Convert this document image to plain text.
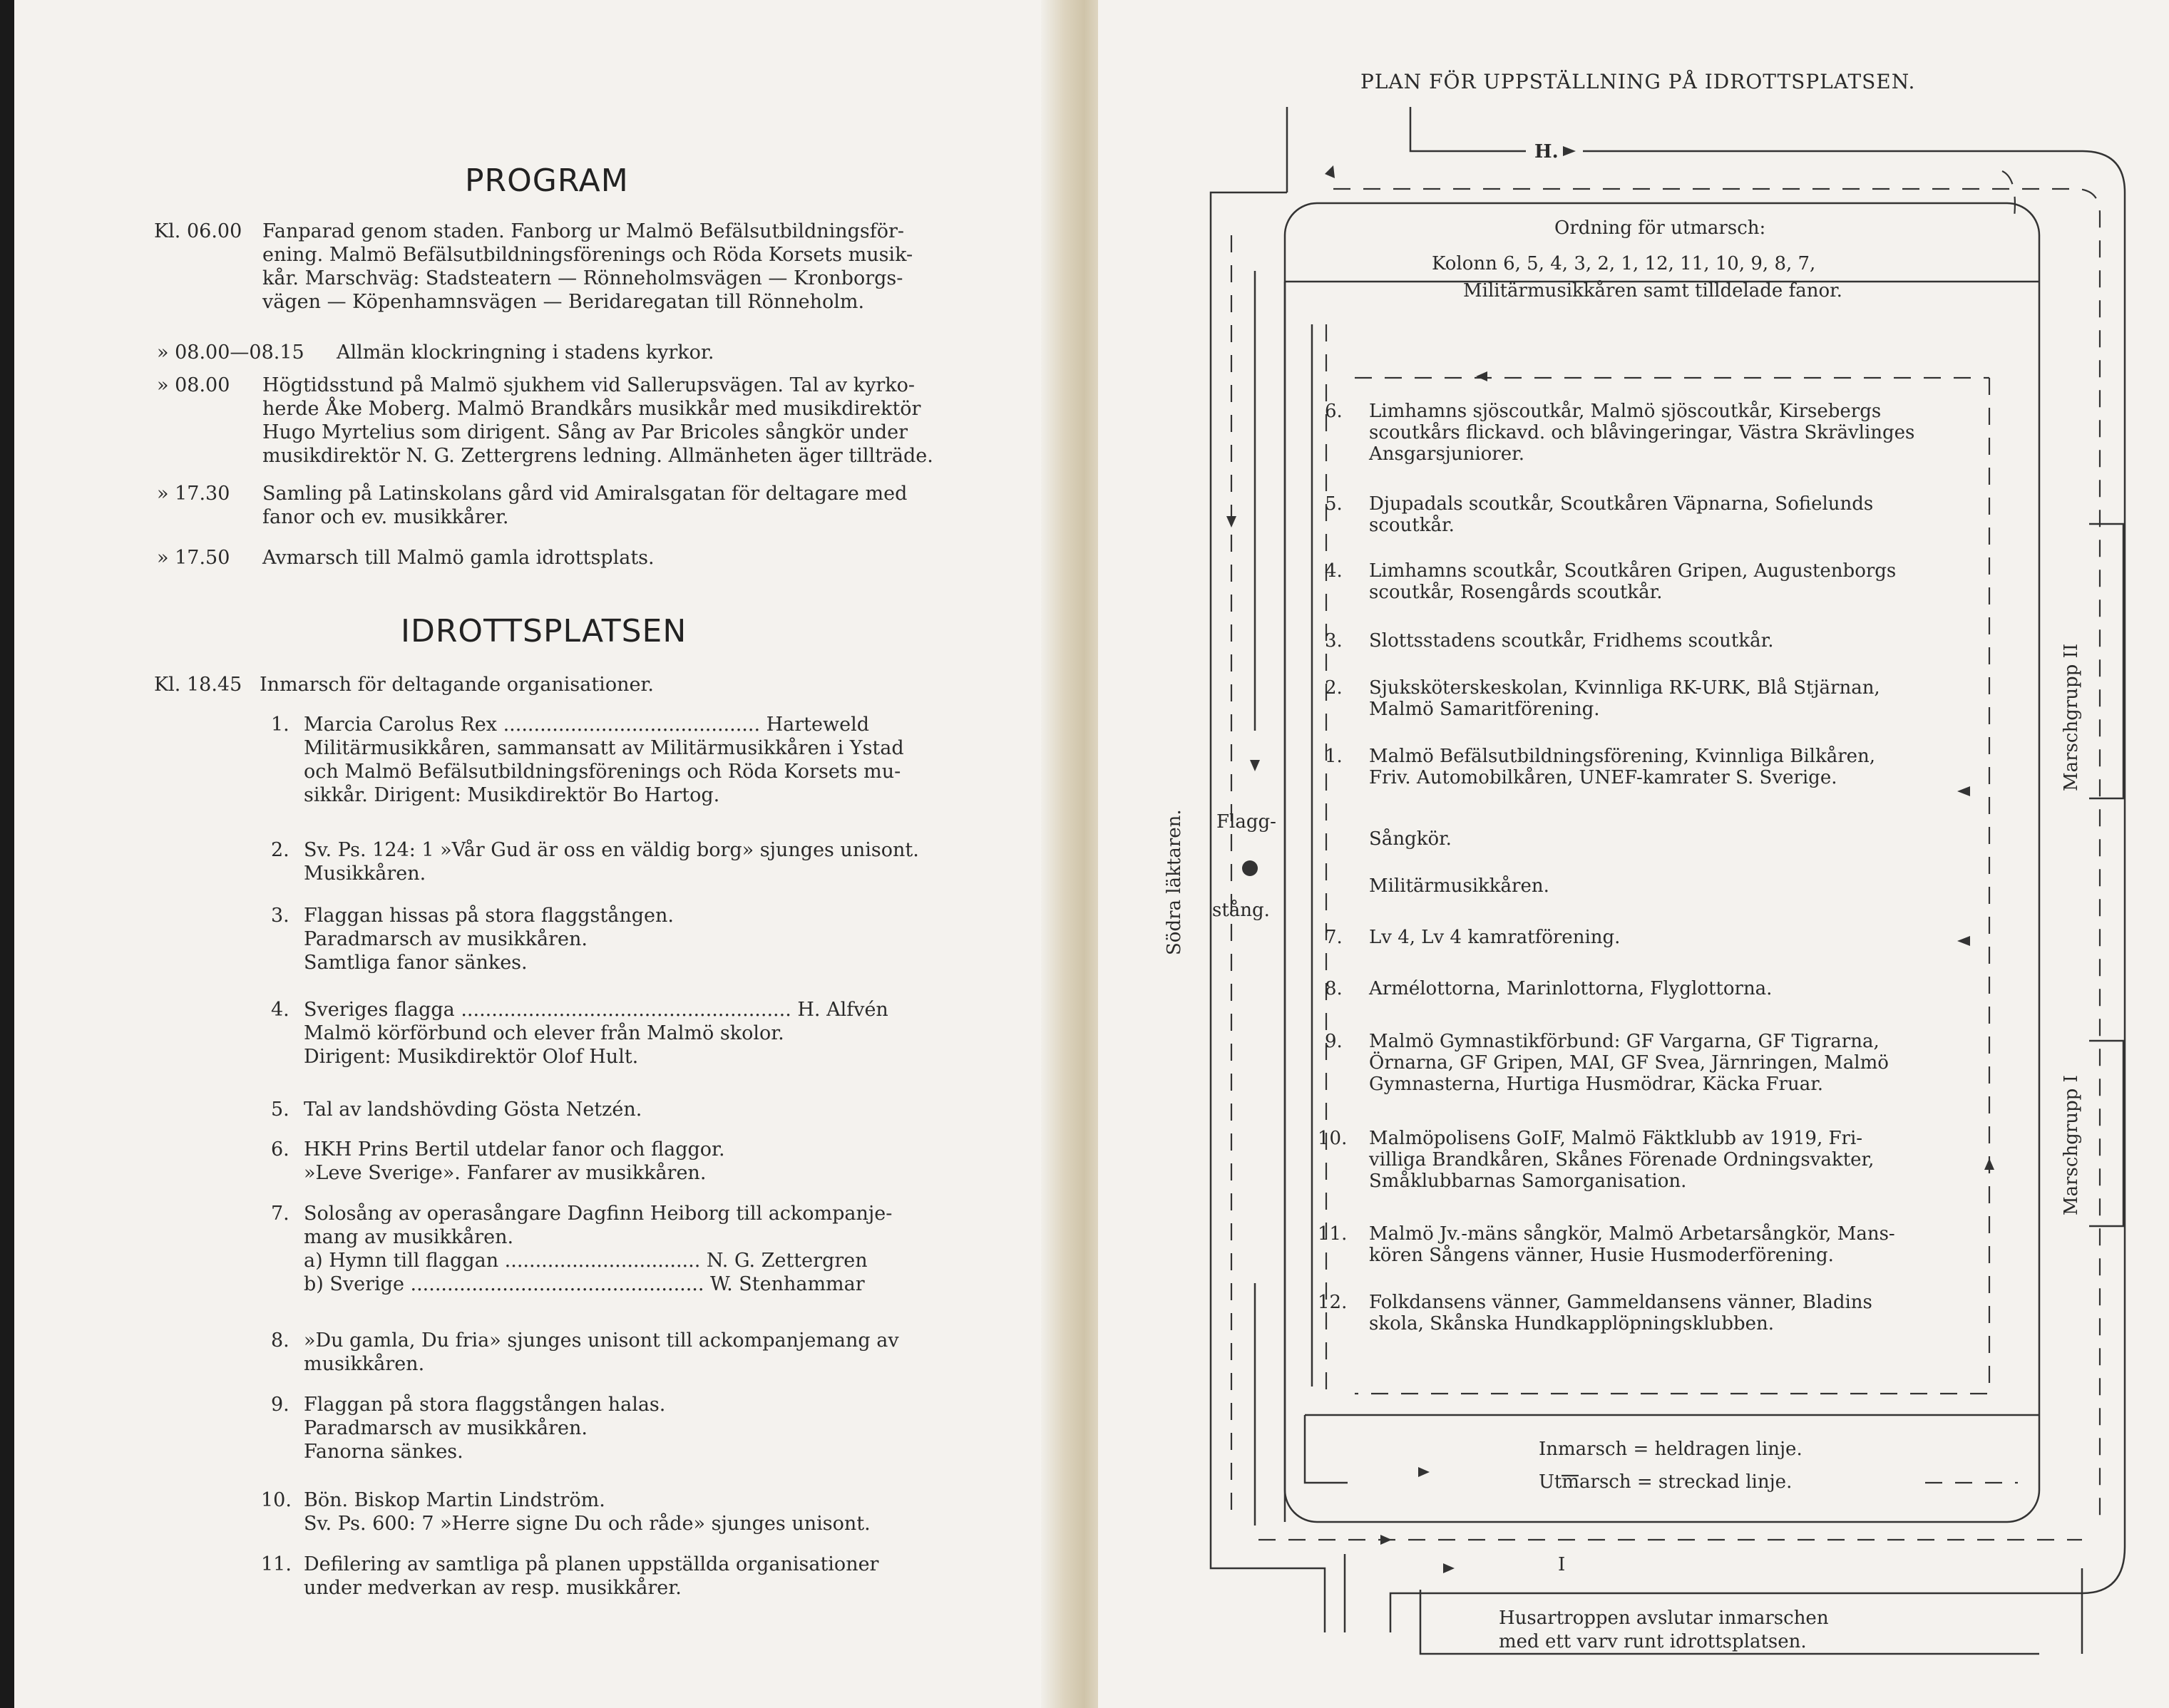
PROGRAM
Kl. 06.00 Fanparad genom staden. Fanborg ur Malmö Befälsutbildningsför-
ening. Malmö Befälsutbildningsförenings och Röda Korsets musik-
kår. Marschväg: Stadsteatern — Rönneholmsvägen — Kronborgs-
vägen — Köpenhamnsvägen — Beridaregatan till Rönneholm.
» 08.00—08.15 Allmän klockringning i stadens kyrkor.
» 08.00 Högtidsstund på Malmö sjukhem vid Sallerupsvägen. Tal av kyrko-
herde Åke Moberg. Malmö Brandkårs musikkår med musikdirektör
Hugo Myrtelius som dirigent. Sång av Par Bricoles sångkör under
musikdirektör N. G. Zettergrens ledning. Allmänheten äger tillträde.
» 17.30 Samling på Latinskolans gård vid Amiralsgatan för deltagare med
fanor och ev. musikkårer.
» 17.50 Avmarsch till Malmö gamla idrottsplats.
IDROTTSPLATSEN
Kl. 18.45 Inmarsch för deltagande organisationer.
1. Marcia Carolus Rex .......................................... Harteweld
Militärmusikkåren, sammansatt av Militärmusikkåren i Ystad
och Malmö Befälsutbildningsförenings och Röda Korsets mu-
sikkår. Dirigent: Musikdirektör Bo Hartog.
2. Sv. Ps. 124: 1 »Vår Gud är oss en väldig borg» sjunges unisont.
Musikkåren.
3. Flaggan hissas på stora flaggstången.
Paradmarsch av musikkåren.
Samtliga fanor sänkes.
4. Sveriges flagga ...................................................... H. Alfvén
Malmö körförbund och elever från Malmö skolor.
Dirigent: Musikdirektör Olof Hult.
5. Tal av landshövding Gösta Netzén.
6. HKH Prins Bertil utdelar fanor och flaggor.
»Leve Sverige». Fanfarer av musikkåren.
7. Solosång av operasångare Dagfinn Heiborg till ackompanje-
mang av musikkåren.
a) Hymn till flaggan ................................ N. G. Zettergren
b) Sverige ................................................ W. Stenhammar
8. »Du gamla, Du fria» sjunges unisont till ackompanjemang av
musikkåren.
9. Flaggan på stora flaggstången halas.
Paradmarsch av musikkåren.
Fanorna sänkes.
10. Bön. Biskop Martin Lindström.
Sv. Ps. 600: 7 »Herre signe Du och råde» sjunges unisont.
11. Defilering av samtliga på planen uppställda organisationer
under medverkan av resp. musikkårer.
PLAN FÖR UPPSTÄLLNING PÅ IDROTTSPLATSEN.
H.
Ordning för utmarsch:
Kolonn 6, 5, 4, 3, 2, 1, 12, 11, 10, 9, 8, 7,
Militärmusikkåren samt tilldelade fanor.
6. Limhamns sjöscoutkår, Malmö sjöscoutkår, Kirsebergs
scoutkårs flickavd. och blåvingeringar, Västra Skrävlinges
Ansgarsjuniorer.
5. Djupadals scoutkår, Scoutkåren Väpnarna, Sofielunds
scoutkår.
4. Limhamns scoutkår, Scoutkåren Gripen, Augustenborgs
scoutkår, Rosengårds scoutkår.
3. Slottsstadens scoutkår, Fridhems scoutkår.
2. Sjuksköterskeskolan, Kvinnliga RK-URK, Blå Stjärnan,
Malmö Samaritförening.
1. Malmö Befälsutbildningsförening, Kvinnliga Bilkåren,
Friv. Automobilkåren, UNEF-kamrater S. Sverige.
Sångkör.
Militärmusikkåren.
7. Lv 4, Lv 4 kamratförening.
8. Armélottorna, Marinlottorna, Flyglottorna.
9. Malmö Gymnastikförbund: GF Vargarna, GF Tigrarna,
Örnarna, GF Gripen, MAI, GF Svea, Järnringen, Malmö
Gymnasterna, Hurtiga Husmödrar, Käcka Fruar.
10. Malmöpolisens GoIF, Malmö Fäktklubb av 1919, Fri-
villiga Brandkåren, Skånes Förenade Ordningsvakter,
Småklubbarnas Samorganisation.
11. Malmö Jv.-mäns sångkör, Malmö Arbetarsångkör, Mans-
kören Sångens vänner, Husie Husmoderförening.
12. Folkdansens vänner, Gammeldansens vänner, Bladins
skola, Skånska Hundkapplöpningsklubben.
Flagg-
stång.
Södra läktaren.
Marschgrupp II
Marschgrupp I
Inmarsch = heldragen linje.
Utmarsch = streckad linje.
I
Husartroppen avslutar inmarschen
med ett varv runt idrottsplatsen.
